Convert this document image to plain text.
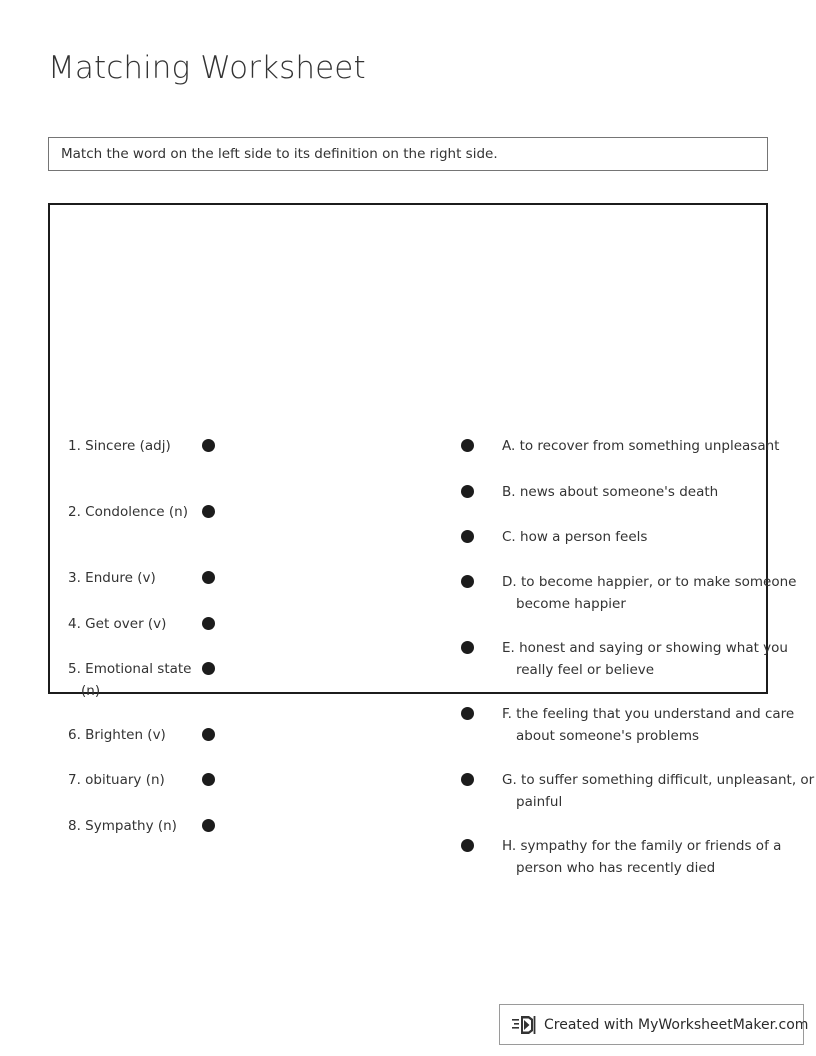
Matching Worksheet
Match the word on the left side to its definition on the right side.
1. Sincere (adj)
2. Condolence (n)
3. Endure (v)
4. Get over (v)
5. Emotional state (n)
6. Brighten (v)
7. obituary (n)
8. Sympathy (n)
A. to recover from something unpleasant
B. news about someone's death
C. how a person feels
D. to become happier, or to make someone become happier
E. honest and saying or showing what you really feel or believe
F. the feeling that you understand and care about someone's problems
G. to suffer something difficult, unpleasant, or painful
H. sympathy for the family or friends of a person who has recently died
Created with MyWorksheetMaker.com
